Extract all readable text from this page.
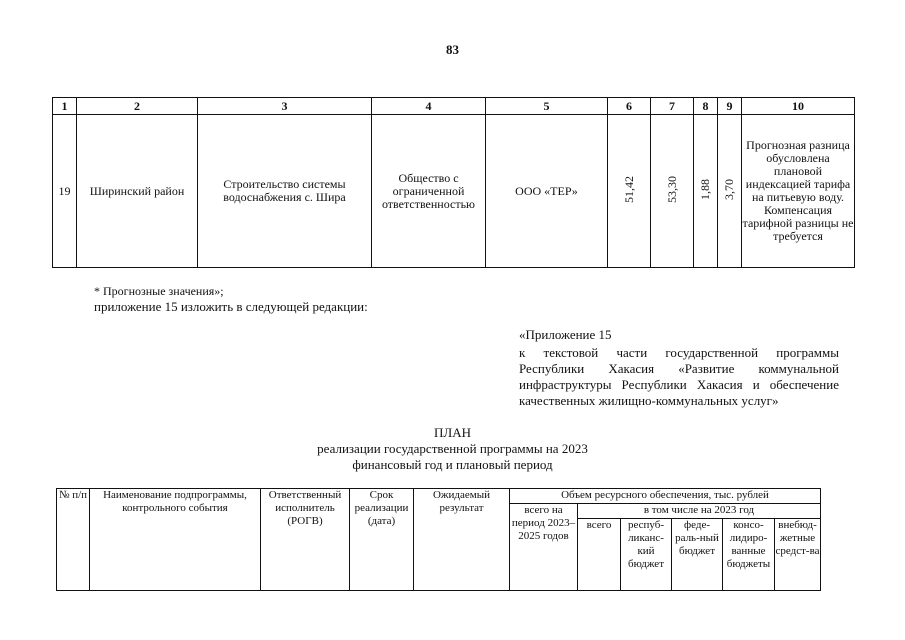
83
1	2	3	4	5	6	7	8	9	10
19	Ширинский район	Строительство системы водоснабжения с. Шира	Общество с ограниченной ответственностью	ООО «ТЕР»	51,42	53,30	1,88	3,70	Прогнозная разница обусловлена плановой индексацией тарифа на питьевую воду. Компенсация тарифной разницы не требуется
* Прогнозные значения»;
приложение 15 изложить в следующей редакции:
«Приложение 15
к текстовой части государственной программы Республики Хакасия «Развитие коммунальной инфраструктуры Республики Хакасия и обеспечение качественных жилищно-коммунальных услуг»
ПЛАН
реализации государственной программы на 2023
финансовый год и плановый период
№ п/п	Наименование подпрограммы, контрольного события	Ответственный исполнитель (РОГВ)	Срок реализации (дата)	Ожидаемый результат	Объем ресурсного обеспечения, тыс. рублей					
					всего на период 2023–2025 годов	в том числе на 2023 год				
						всего	респуб-ликанс-кий бюджет	феде-раль-ный бюджет	консо-лидиро-ванные бюджеты	внебюд-жетные средст-ва
